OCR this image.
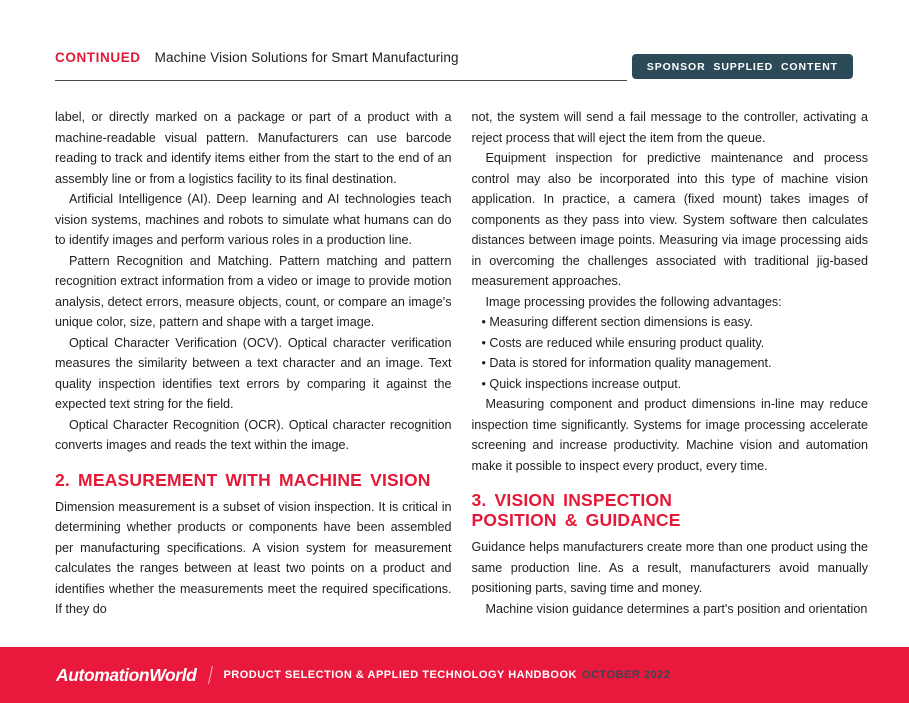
CONTINUED Machine Vision Solutions for Smart Manufacturing
SPONSOR SUPPLIED CONTENT

label, or directly marked on a package or part of a product with a machine-readable visual pattern. Manufacturers can use barcode reading to track and identify items either from the start to the end of an assembly line or from a logistics facility to its final destination.

Artificial Intelligence (AI). Deep learning and AI technologies teach vision systems, machines and robots to simulate what humans can do to identify images and perform various roles in a production line.

Pattern Recognition and Matching. Pattern matching and pattern recognition extract information from a video or image to provide motion analysis, detect errors, measure objects, count, or compare an image's unique color, size, pattern and shape with a target image.

Optical Character Verification (OCV). Optical character verification measures the similarity between a text character and an image. Text quality inspection identifies text errors by comparing it against the expected text string for the field.

Optical Character Recognition (OCR). Optical character recognition converts images and reads the text within the image.

2. MEASUREMENT WITH MACHINE VISION

Dimension measurement is a subset of vision inspection. It is critical in determining whether products or components have been assembled per manufacturing specifications. A vision system for measurement calculates the ranges between at least two points on a product and identifies whether the measurements meet the required specifications. If they do

not, the system will send a fail message to the controller, activating a reject process that will eject the item from the queue.

Equipment inspection for predictive maintenance and process control may also be incorporated into this type of machine vision application. In practice, a camera (fixed mount) takes images of components as they pass into view. System software then calculates distances between image points. Measuring via image processing aids in overcoming the challenges associated with traditional jig-based measurement approaches.

Image processing provides the following advantages:

• Measuring different section dimensions is easy.

• Costs are reduced while ensuring product quality.

• Data is stored for information quality management.

• Quick inspections increase output.

Measuring component and product dimensions in-line may reduce inspection time significantly. Systems for image processing accelerate screening and increase productivity. Machine vision and automation make it possible to inspect every product, every time.

3. VISION INSPECTION
POSITION & GUIDANCE

Guidance helps manufacturers create more than one product using the same production line. As a result, manufacturers avoid manually positioning parts, saving time and money.

Machine vision guidance determines a part's position and orientation

AutomationWorld PRODUCT SELECTION & APPLIED TECHNOLOGY HANDBOOK OCTOBER 2022
